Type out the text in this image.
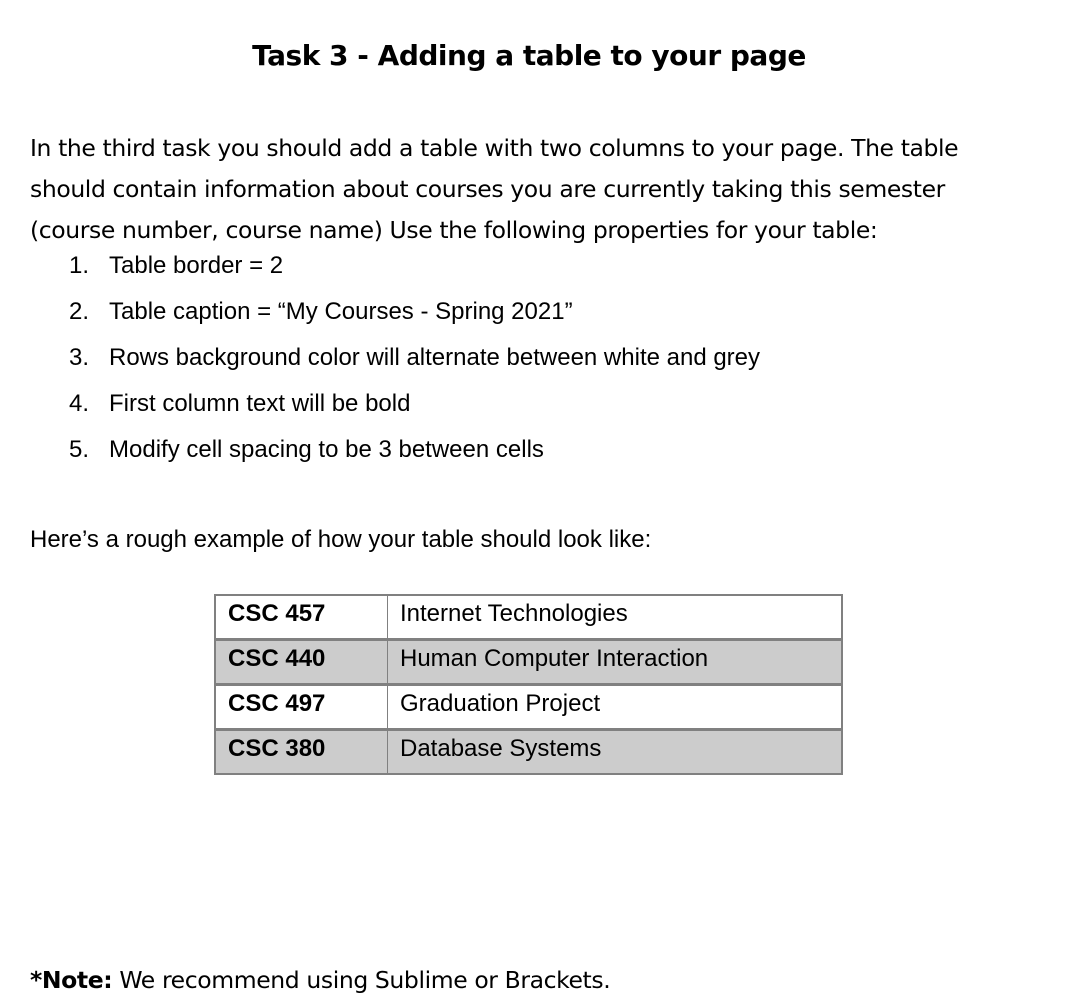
Task 3 - Adding a table to your page

In the third task you should add a table with two columns to your page. The table
should contain information about courses you are currently taking this semester
(course number, course name) Use the following properties for your table:

1. Table border = 2
2. Table caption = “My Courses - Spring 2021”
3. Rows background color will alternate between white and grey
4. First column text will be bold
5. Modify cell spacing to be 3 between cells

Here’s a rough example of how your table should look like:

CSC 457	Internet Technologies
CSC 440	Human Computer Interaction
CSC 497	Graduation Project
CSC 380	Database Systems

*Note: We recommend using Sublime or Brackets.
